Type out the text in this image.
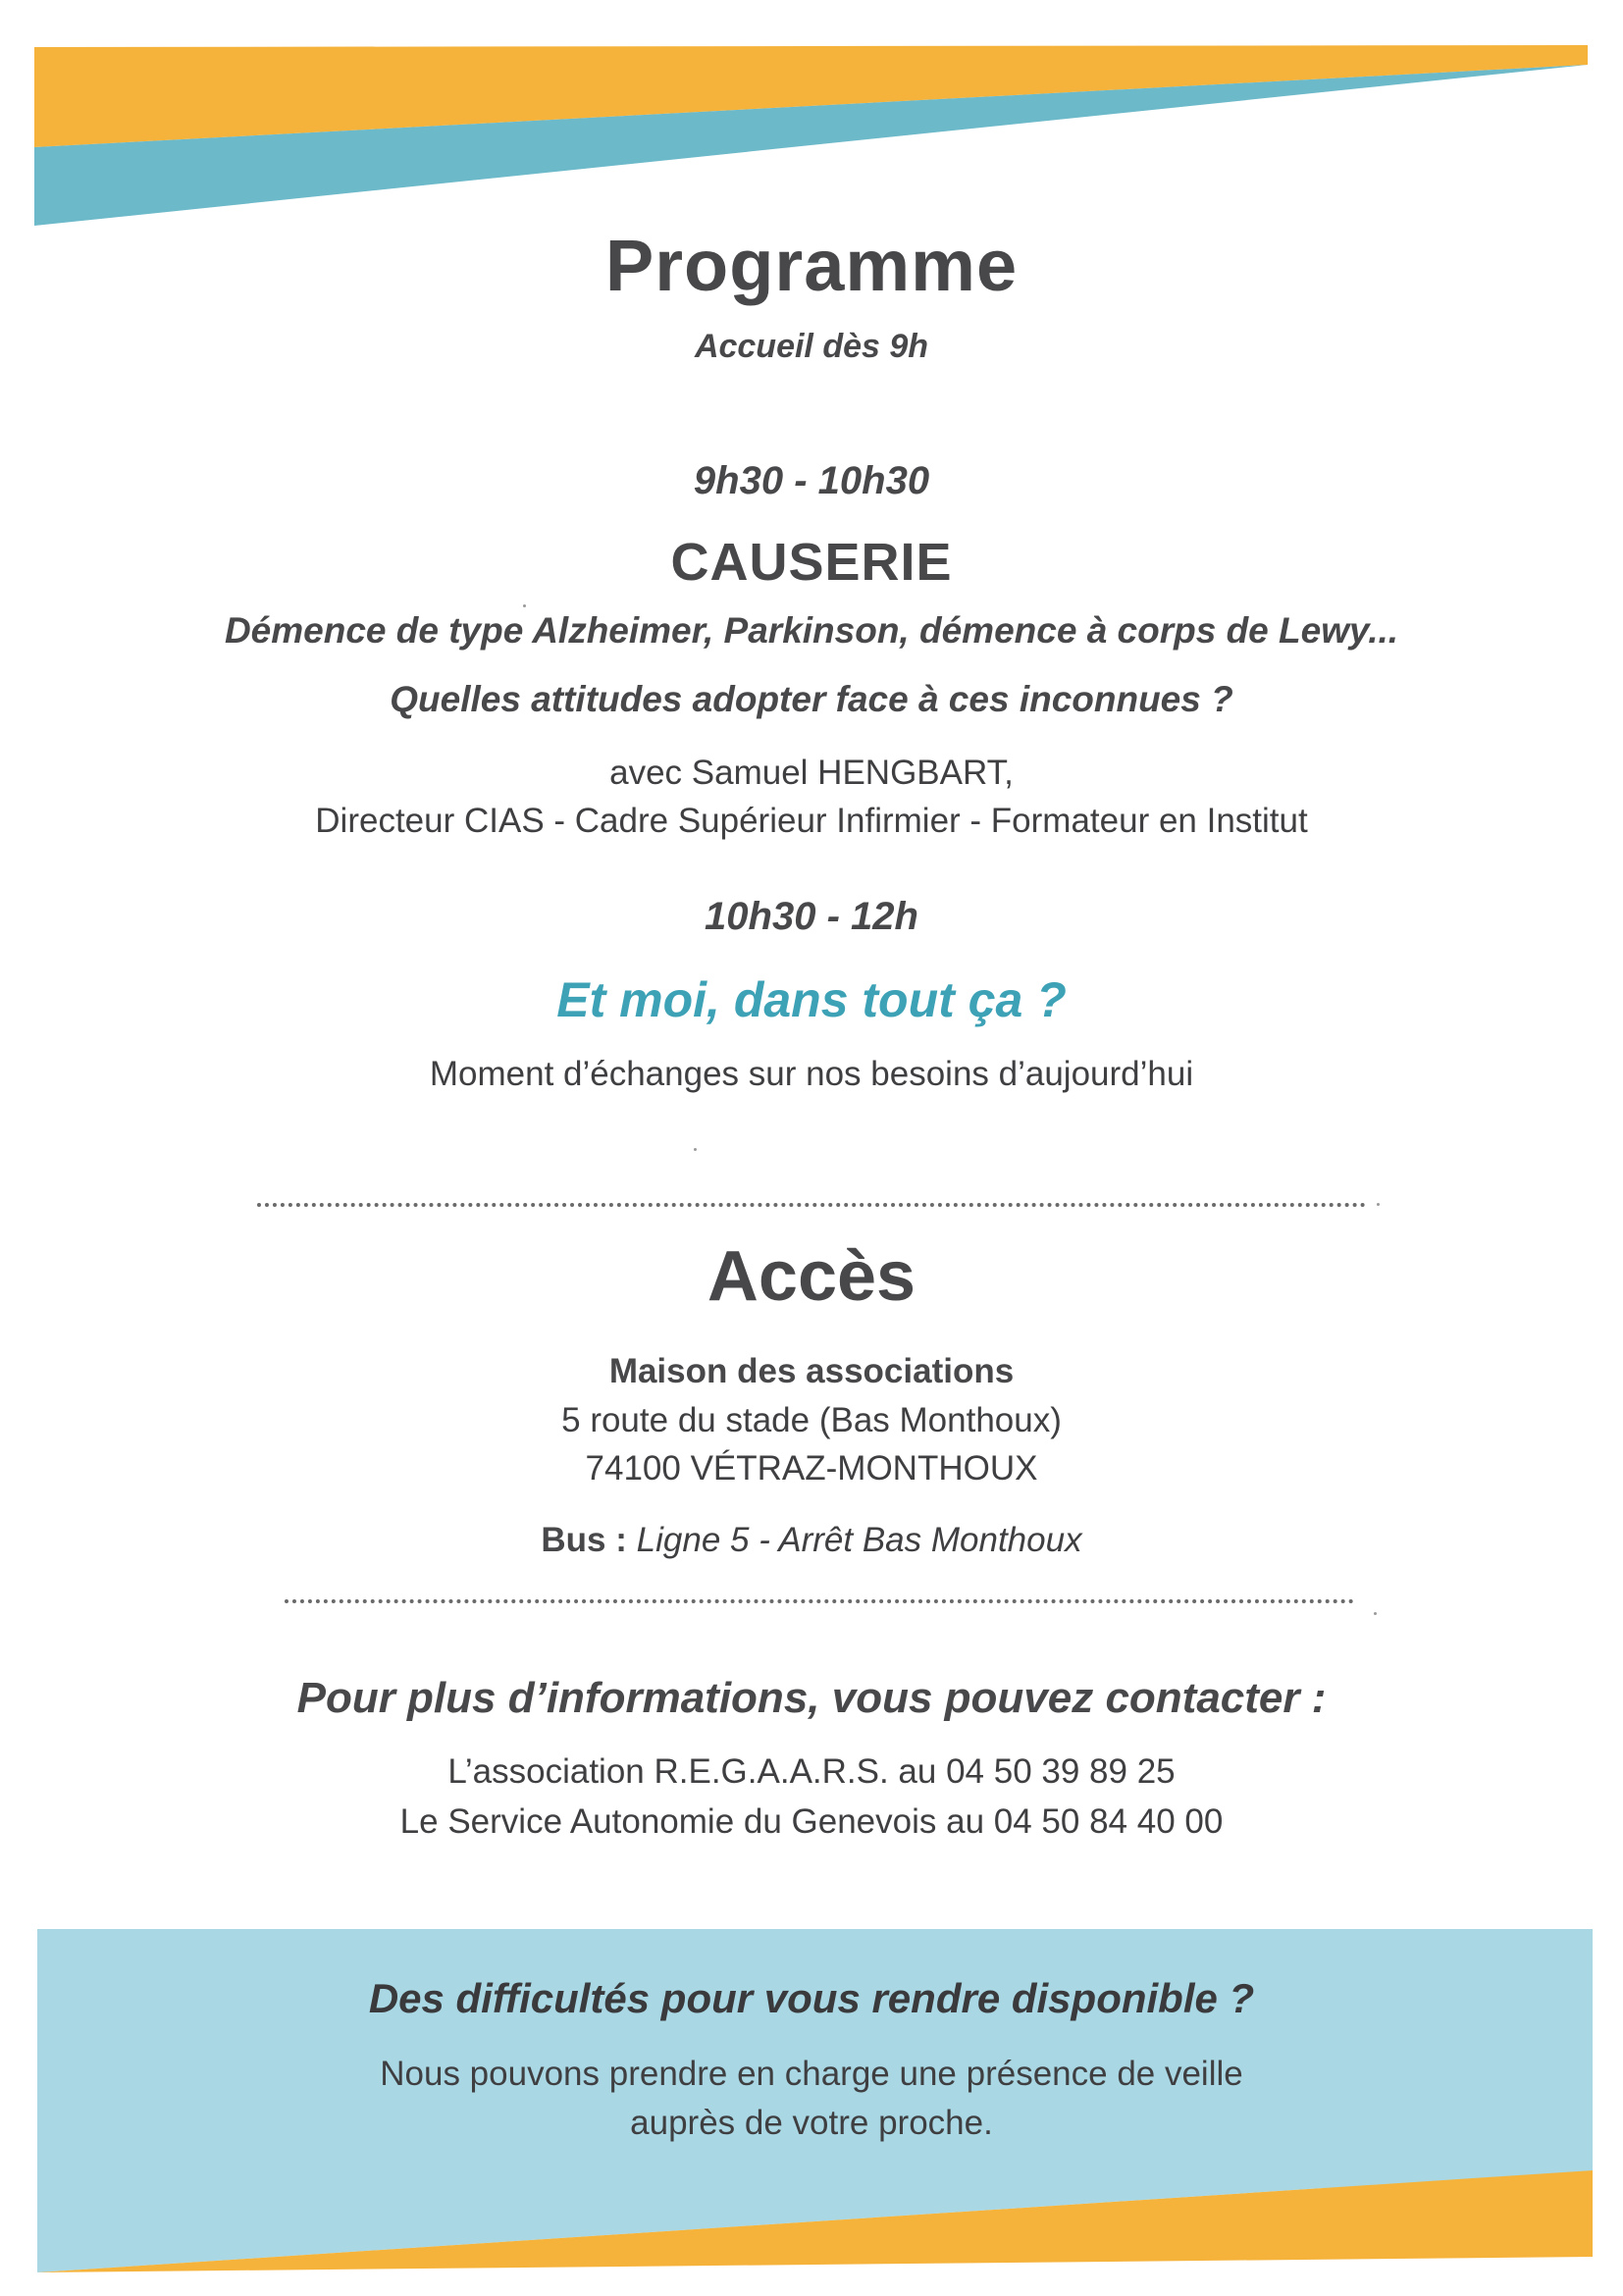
Programme
Accueil dès 9h
9h30 - 10h30
CAUSERIE
Démence de type Alzheimer, Parkinson, démence à corps de Lewy...
Quelles attitudes adopter face à ces inconnues ?
avec Samuel HENGBART,
Directeur CIAS - Cadre Supérieur Infirmier - Formateur en Institut
10h30 - 12h
Et moi, dans tout ça ?
Moment d’échanges sur nos besoins d’aujourd’hui
Accès
Maison des associations
5 route du stade (Bas Monthoux)
74100 VÉTRAZ-MONTHOUX
Bus : Ligne 5 - Arrêt Bas Monthoux
Pour plus d’informations, vous pouvez contacter :
L’association R.E.G.A.A.R.S. au 04 50 39 89 25
Le Service Autonomie du Genevois au 04 50 84 40 00
Des difficultés pour vous rendre disponible ?
Nous pouvons prendre en charge une présence de veille
auprès de votre proche.
